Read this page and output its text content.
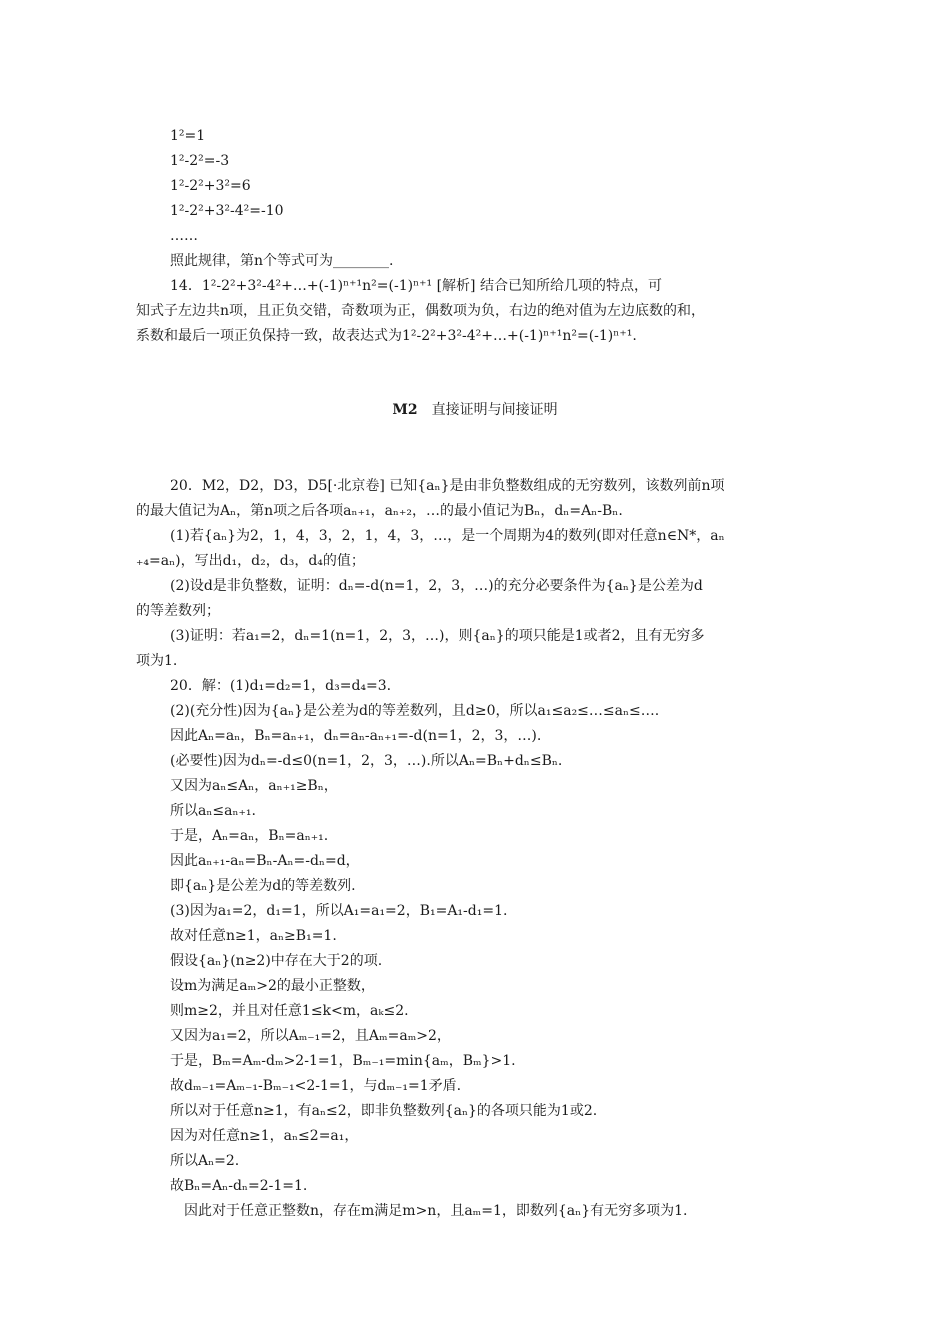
1²=1
1²-2²=-3
1²-2²+3²=6
1²-2²+3²-4²=-10
……
照此规律，第n个等式可为________.
14．1²-2²+3²-4²+…+(-1)ⁿ⁺¹n²=(-1)ⁿ⁺¹ [解析] 结合已知所给几项的特点，可
知式子左边共n项，且正负交错，奇数项为正，偶数项为负，右边的绝对值为左边底数的和，
系数和最后一项正负保持一致，故表达式为1²-2²+3²-4²+…+(-1)ⁿ⁺¹n²=(-1)ⁿ⁺¹.
M2 直接证明与间接证明
20．M2，D2，D3，D5[·北京卷] 已知{aₙ}是由非负整数组成的无穷数列，该数列前n项
的最大值记为Aₙ，第n项之后各项aₙ₊₁，aₙ₊₂，…的最小值记为Bₙ，dₙ=Aₙ-Bₙ.
(1)若{aₙ}为2，1，4，3，2，1，4，3，…，是一个周期为4的数列(即对任意n∈N*，aₙ
₊₄=aₙ)，写出d₁，d₂，d₃，d₄的值；
(2)设d是非负整数，证明：dₙ=-d(n=1，2，3，…)的充分必要条件为{aₙ}是公差为d
的等差数列；
(3)证明：若a₁=2，dₙ=1(n=1，2，3，…)，则{aₙ}的项只能是1或者2，且有无穷多
项为1.
20．解：(1)d₁=d₂=1，d₃=d₄=3.
(2)(充分性)因为{aₙ}是公差为d的等差数列，且d≥0，所以a₁≤a₂≤…≤aₙ≤….
因此Aₙ=aₙ，Bₙ=aₙ₊₁，dₙ=aₙ-aₙ₊₁=-d(n=1，2，3，…).
(必要性)因为dₙ=-d≤0(n=1，2，3，…).所以Aₙ=Bₙ+dₙ≤Bₙ.
又因为aₙ≤Aₙ，aₙ₊₁≥Bₙ，
所以aₙ≤aₙ₊₁.
于是，Aₙ=aₙ，Bₙ=aₙ₊₁.
因此aₙ₊₁-aₙ=Bₙ-Aₙ=-dₙ=d，
即{aₙ}是公差为d的等差数列.
(3)因为a₁=2，d₁=1，所以A₁=a₁=2，B₁=A₁-d₁=1.
故对任意n≥1，aₙ≥B₁=1.
假设{aₙ}(n≥2)中存在大于2的项.
设m为满足aₘ>2的最小正整数，
则m≥2，并且对任意1≤k<m，aₖ≤2.
又因为a₁=2，所以Aₘ₋₁=2，且Aₘ=aₘ>2，
于是，Bₘ=Aₘ-dₘ>2-1=1，Bₘ₋₁=min{aₘ，Bₘ}>1.
故dₘ₋₁=Aₘ₋₁-Bₘ₋₁<2-1=1，与dₘ₋₁=1矛盾.
所以对于任意n≥1，有aₙ≤2，即非负整数列{aₙ}的各项只能为1或2.
因为对任意n≥1，aₙ≤2=a₁，
所以Aₙ=2.
故Bₙ=Aₙ-dₙ=2-1=1.
因此对于任意正整数n，存在m满足m>n，且aₘ=1，即数列{aₙ}有无穷多项为1.
